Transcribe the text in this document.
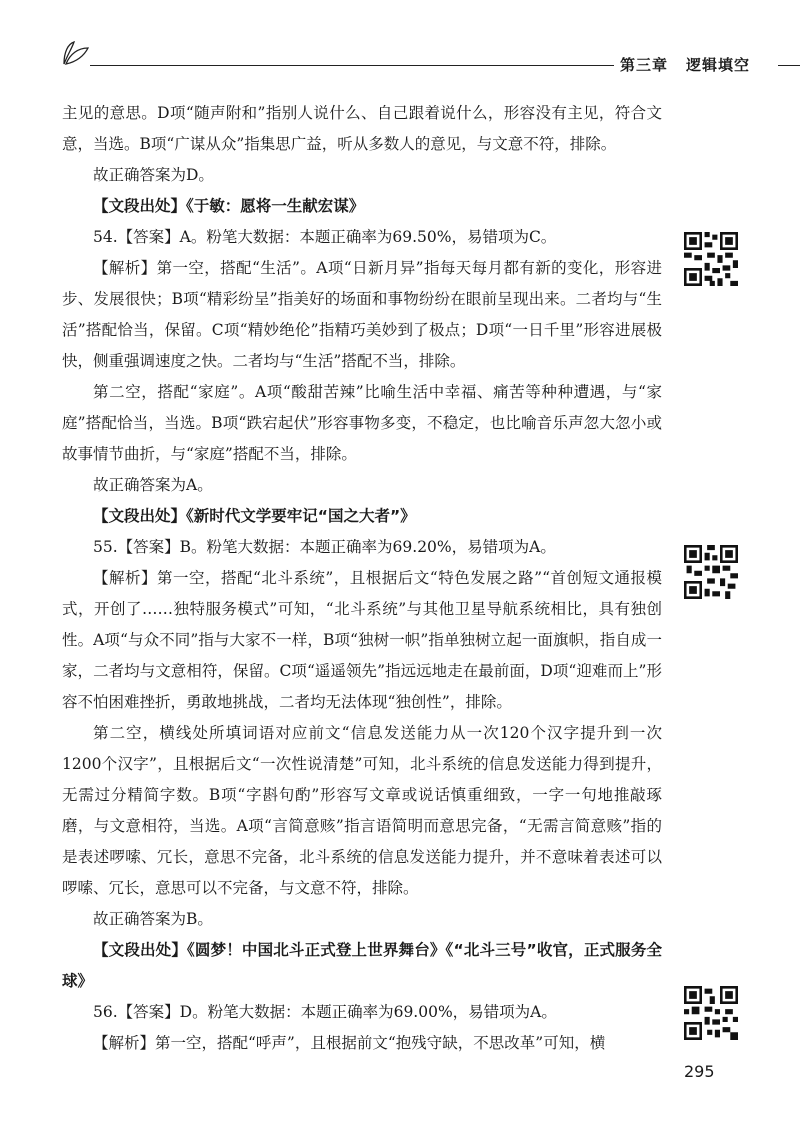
第三章 逻辑填空

主见的意思。D项“随声附和”指别人说什么、自己跟着说什么，形容没有主见，符合文意，当选。B项“广谋从众”指集思广益，听从多数人的意见，与文意不符，排除。

故正确答案为D。

【文段出处】《于敏：愿将一生献宏谋》

54.【答案】A。粉笔大数据：本题正确率为69.50%，易错项为C。

【解析】第一空，搭配“生活”。A项“日新月异”指每天每月都有新的变化，形容进步、发展很快；B项“精彩纷呈”指美好的场面和事物纷纷在眼前呈现出来。二者均与“生活”搭配恰当，保留。C项“精妙绝伦”指精巧美妙到了极点；D项“一日千里”形容进展极快，侧重强调速度之快。二者均与“生活”搭配不当，排除。

第二空，搭配“家庭”。A项“酸甜苦辣”比喻生活中幸福、痛苦等种种遭遇，与“家庭”搭配恰当，当选。B项“跌宕起伏”形容事物多变，不稳定，也比喻音乐声忽大忽小或故事情节曲折，与“家庭”搭配不当，排除。

故正确答案为A。

【文段出处】《新时代文学要牢记“国之大者”》

55.【答案】B。粉笔大数据：本题正确率为69.20%，易错项为A。

【解析】第一空，搭配“北斗系统”，且根据后文“特色发展之路”“首创短文通报模式，开创了……独特服务模式”可知，“北斗系统”与其他卫星导航系统相比，具有独创性。A项“与众不同”指与大家不一样，B项“独树一帜”指单独树立起一面旗帜，指自成一家，二者均与文意相符，保留。C项“遥遥领先”指远远地走在最前面，D项“迎难而上”形容不怕困难挫折，勇敢地挑战，二者均无法体现“独创性”，排除。

第二空，横线处所填词语对应前文“信息发送能力从一次120个汉字提升到一次1200个汉字”，且根据后文“一次性说清楚”可知，北斗系统的信息发送能力得到提升，无需过分精简字数。B项“字斟句酌”形容写文章或说话慎重细致，一字一句地推敲琢磨，与文意相符，当选。A项“言简意赅”指言语简明而意思完备，“无需言简意赅”指的是表述啰嗦、冗长，意思不完备，北斗系统的信息发送能力提升，并不意味着表述可以啰嗦、冗长，意思可以不完备，与文意不符，排除。

故正确答案为B。

【文段出处】《圆梦！中国北斗正式登上世界舞台》《“北斗三号”收官，正式服务全球》

56.【答案】D。粉笔大数据：本题正确率为69.00%，易错项为A。

【解析】第一空，搭配“呼声”，且根据前文“抱残守缺，不思改革”可知，横

295
